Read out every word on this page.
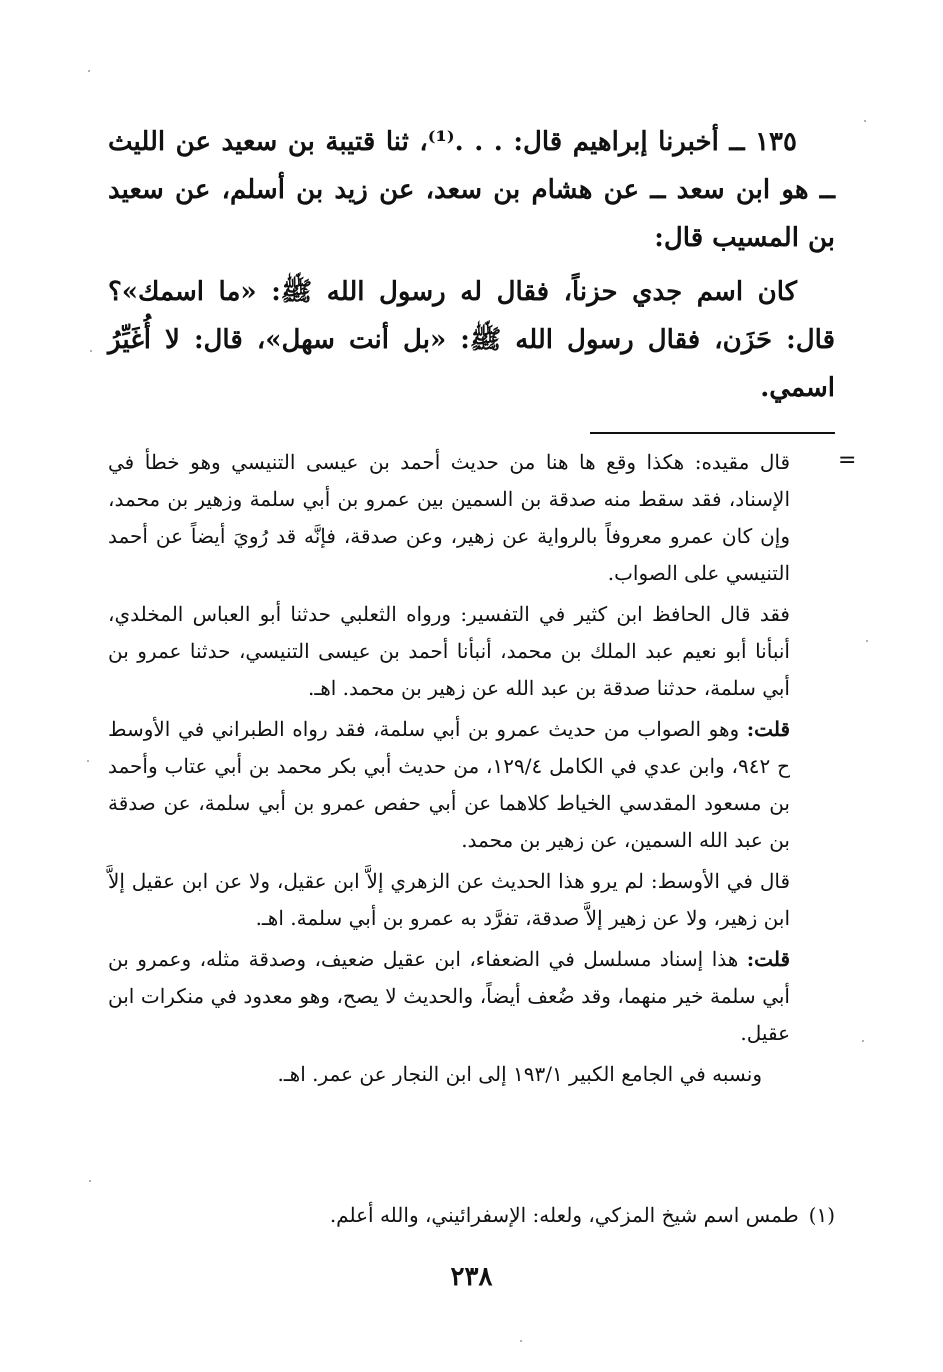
١٣٥ ــ أخبرنا إبراهيم قال: . . .⁽¹⁾، ثنا قتيبة بن سعيد عن الليث ــ هو ابن سعد ــ عن هشام بن سعد، عن زيد بن أسلم، عن سعيد بن المسيب قال:

كان اسم جدي حزناً، فقال له رسول الله ﷺ: «ما اسمك»؟ قال: حَزَن، فقال رسول الله ﷺ: «بل أنت سهل»، قال: لا أُغَيِّرُ اسمي.

=

قال مقيده: هكذا وقع ها هنا من حديث أحمد بن عيسى التنيسي وهو خطأ في الإسناد، فقد سقط منه صدقة بن السمين بين عمرو بن أبي سلمة وزهير بن محمد، وإن كان عمرو معروفاً بالرواية عن زهير، وعن صدقة، فإنَّه قد رُويَ أيضاً عن أحمد التنيسي على الصواب.

فقد قال الحافظ ابن كثير في التفسير: ورواه الثعلبي حدثنا أبو العباس المخلدي، أنبأنا أبو نعيم عبد الملك بن محمد، أنبأنا أحمد بن عيسى التنيسي، حدثنا عمرو بن أبي سلمة، حدثنا صدقة بن عبد الله عن زهير بن محمد. اهـ.

قلت: وهو الصواب من حديث عمرو بن أبي سلمة، فقد رواه الطبراني في الأوسط ح ٩٤٢، وابن عدي في الكامل ١٢٩/٤، من حديث أبي بكر محمد بن أبي عتاب وأحمد بن مسعود المقدسي الخياط كلاهما عن أبي حفص عمرو بن أبي سلمة، عن صدقة بن عبد الله السمين، عن زهير بن محمد.

قال في الأوسط: لم يرو هذا الحديث عن الزهري إلاَّ ابن عقيل، ولا عن ابن عقيل إلاَّ ابن زهير، ولا عن زهير إلاَّ صدقة، تفرَّد به عمرو بن أبي سلمة. اهـ.

قلت: هذا إسناد مسلسل في الضعفاء، ابن عقيل ضعيف، وصدقة مثله، وعمرو بن أبي سلمة خير منهما، وقد ضُعف أيضاً، والحديث لا يصح، وهو معدود في منكرات ابن عقيل.

ونسبه في الجامع الكبير ١٩٣/١ إلى ابن النجار عن عمر. اهـ.

(١)طمس اسم شيخ المزكي، ولعله: الإسفرائيني، والله أعلم.
٢٣٨
